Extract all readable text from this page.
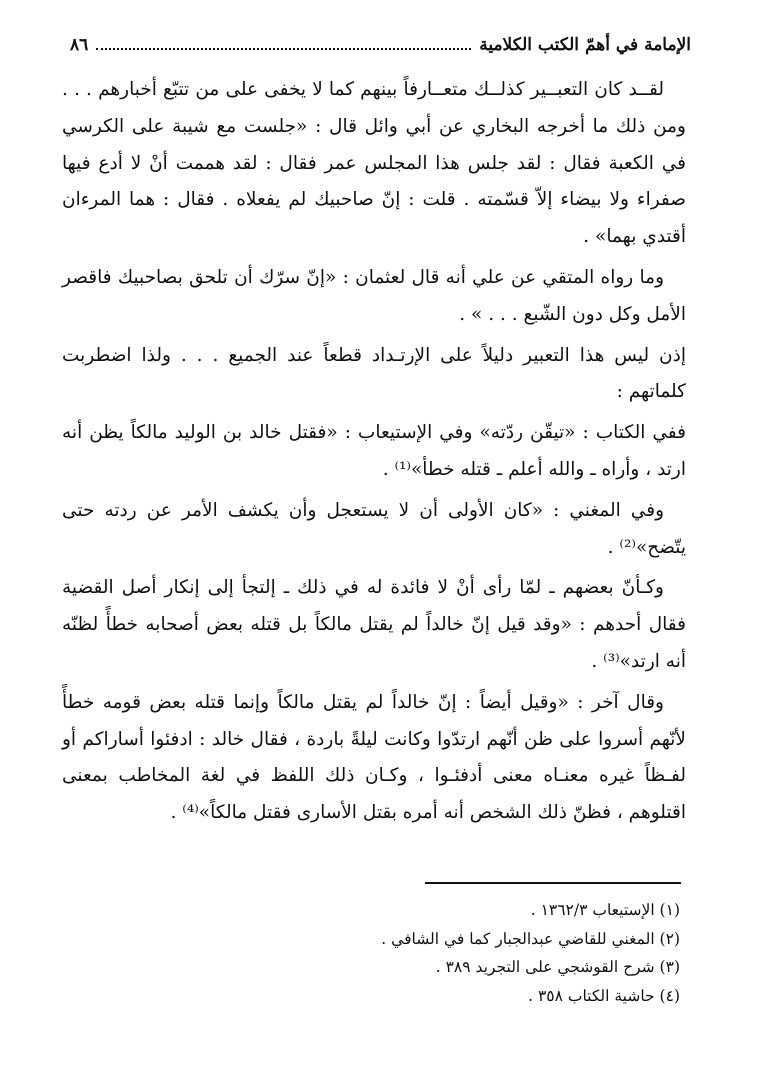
٨٦	الإمامة في أهمّ الكتب الكلامية

لقــد كان التعبــير كذلــك متعــارفاً بينهم كما لا يخفى على من تتبّع أخبارهم . . . ومن ذلك ما أخرجه البخاري عن أبي وائل قال : «جلست مع شيبة على الكرسي في الكعبة فقال : لقد جلس هذا المجلس عمر فقال : لقد هممت أنْ لا أدع فيها صفراء ولا بيضاء إلاّ قسّمته . قلت : إنّ صاحبيك لم يفعلاه . فقال : هما المرءان أقتدي بهما» .

وما رواه المتقي عن علي أنه قال لعثمان : «إنّ سرّك أن تلحق بصاحبيك فاقصر الأمل وكل دون الشّبع . . . » .

إذن ليس هذا التعبير دليلاً على الإرتـداد قطعاً عند الجميع . . . ولذا اضطربت كلماتهم :

ففي الكتاب : «تيقّن ردّته» وفي الإستيعاب : «فقتل خالد بن الوليد مالكاً يظن أنه ارتد ، وأراه ـ والله أعلم ـ قتله خطأ»⁽¹⁾ .

وفي المغني : «كان الأولى أن لا يستعجل وأن يكشف الأمر عن ردته حتى يتّضح»⁽²⁾ .

وكـأنّ بعضهم ـ لمّا رأى أنْ لا فائدة له في ذلك ـ إلتجأ إلى إنكار أصل القضية فقال أحدهم : «وقد قيل إنّ خالداً لم يقتل مالكاً بل قتله بعض أصحابه خطأً لظنّه أنه ارتد»⁽³⁾ .

وقال آخر : «وقيل أيضاً : إنّ خالداً لم يقتل مالكاً وإنما قتله بعض قومه خطأً لأنّهم أسروا على ظن أنّهم ارتدّوا وكانت ليلةً باردة ، فقال خالد : ادفئوا أساراكم أو لفـظاً غيره معنـاه معنى أدفئـوا ، وكـان ذلك اللفظ في لغة المخاطب بمعنى اقتلوهم ، فظنّ ذلك الشخص أنه أمره بقتل الأسارى فقتل مالكاً»⁽⁴⁾ .

(١) الإستيعاب ١٣٦٢/٣ .
(٢) المغني للقاضي عبدالجبار كما في الشافي .
(٣) شرح القوشجي على التجريد ٣٨٩ .
(٤) حاشية الكتاب ٣٥٨ .
